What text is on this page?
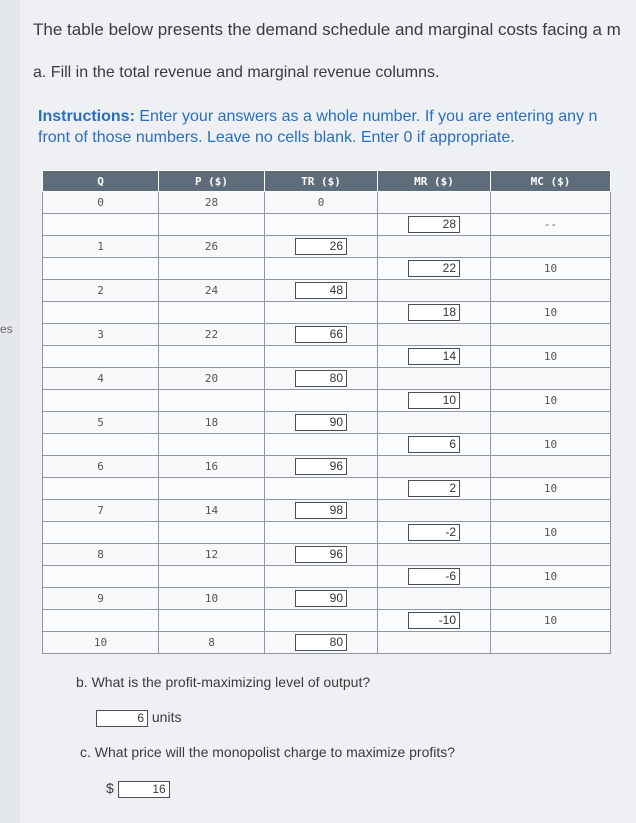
es
The table below presents the demand schedule and marginal costs facing a m
a. Fill in the total revenue and marginal revenue columns.
Instructions: Enter your answers as a whole number. If you are entering any n
front of those numbers. Leave no cells blank. Enter 0 if appropriate.
Q	P ($)	TR ($)	MR ($)	MC ($)
0	28	0		
			28	--
1	26	26		
			22	10
2	24	48		
			18	10
3	22	66		
			14	10
4	20	80		
			10	10
5	18	90		
			6	10
6	16	96		
			2	10
7	14	98		
			-2	10
8	12	96		
			-6	10
9	10	90		
			-10	10
10	8	80		
b. What is the profit-maximizing level of output?
6 units
c. What price will the monopolist charge to maximize profits?
$	16
